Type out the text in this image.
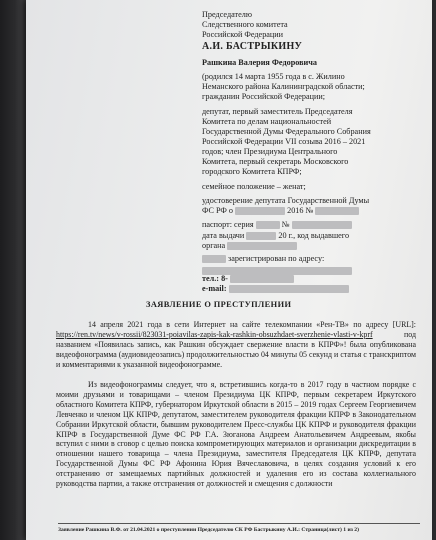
Председателю
Следственного комитета
Российской Федерации
А.И. БАСТРЫКИНУ
Рашкина Валерия Федоровича
(родился 14 марта 1955 года в с. Жилино
Неманского района Калининградской области;
гражданин Российской Федерации;
депутат, первый заместитель Председателя
Комитета по делам национальностей
Государственной Думы Федерального Собрания
Российской Федерации VII созыва 2016 – 2021
годов; член Президиума Центрального
Комитета, первый секретарь Московского
городского Комитета КПРФ;
семейное положение – женат;
удостоверение депутата Государственной Думы
ФС РФ о	2016 №
паспорт: серия	№
дата выдачи	20 г., код выдавшего
органа
зарегистрирован по адресу:
тел.: 8-
e-mail:
ЗАЯВЛЕНИЕ О ПРЕСТУПЛЕНИИ
14 апреля 2021 года в сети Интернет на сайте телекомпании «Рен-ТВ» по адресу [URL]: https://ren.tv/news/v-rossii/823031-poiavilas-zapis-kak-rashkin-obsuzhdaet-sverzhenie-vlasti-v-kprf под названием «Появилась запись, как Рашкин обсуждает свержение власти в КПРФ»! была опубликована видеофонограмма (аудиовидеозапись) продолжительностью 04 минуты 05 секунд и статья с транскриптом и комментариями к указанной видеофонограмме.
Из видеофонограммы следует, что я, встретившись когда-то в 2017 году в частном порядке с моими друзьями и товарищами – членом Президиума ЦК КПРФ, первым секретарем Иркутского областного Комитета КПРФ, губернатором Иркутской области в 2015 – 2019 годах Сергеем Георгиевичем Левченко и членом ЦК КПРФ, депутатом, заместителем руководителя фракции КПРФ в Законодательном Собрании Иркутской области, бывшим руководителем Пресс-службы ЦК КПРФ и руководителя фракции КПРФ в Государственной Думе ФС РФ Г.А. Зюганова Андреем Анатольевичем Андреевым, якобы вступил с ними в сговор с целью поиска компрометирующих материалов и организации дискредитации в отношении нашего товарища – члена Президиума, заместителя Председателя ЦК КПРФ, депутата Государственной Думы ФС РФ Афонина Юрия Вячеславовича, в целях создания условий к его отстранению от замещаемых партийных должностей и удаления его из состава коллегиального руководства партии, а также отстранения от должностей и смещения с должности
Заявление Рашкина В.Ф. от 21.04.2021 о преступлении Председателю СК РФ Бастрыкину А.И.: Страница(лист) 1 из 2)
